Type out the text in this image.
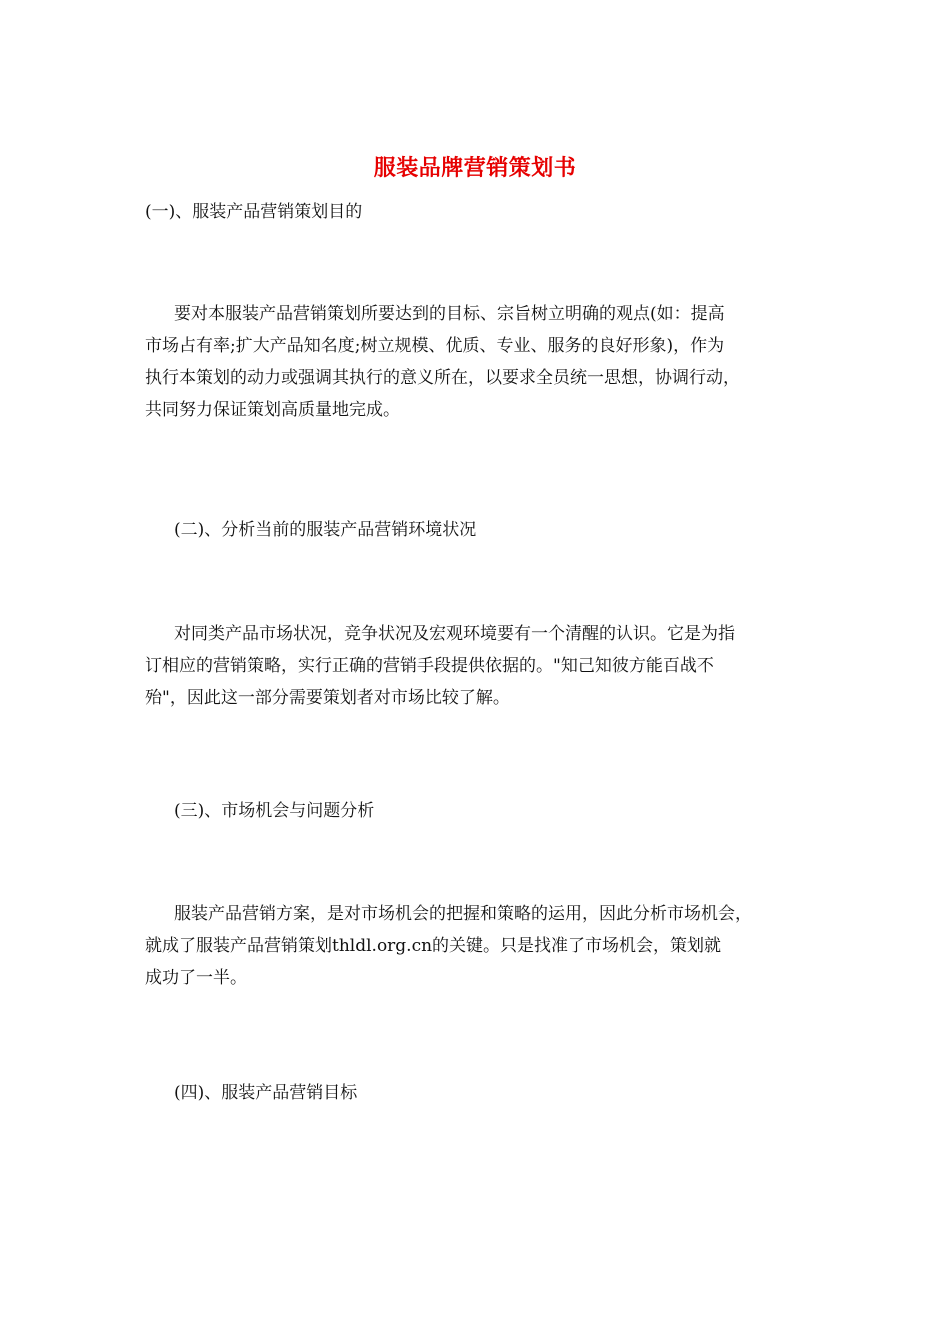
服装品牌营销策划书
(一)、服装产品营销策划目的
要对本服装产品营销策划所要达到的目标、宗旨树立明确的观点(如：提高
市场占有率;扩大产品知名度;树立规模、优质、专业、服务的良好形象)，作为
执行本策划的动力或强调其执行的意义所在，以要求全员统一思想，协调行动，
共同努力保证策划高质量地完成。
(二)、分析当前的服装产品营销环境状况
对同类产品市场状况，竞争状况及宏观环境要有一个清醒的认识。它是为指
订相应的营销策略，实行正确的营销手段提供依据的。"知己知彼方能百战不
殆"，因此这一部分需要策划者对市场比较了解。
(三)、市场机会与问题分析
服装产品营销方案，是对市场机会的把握和策略的运用，因此分析市场机会，
就成了服装产品营销策划thldl.org.cn的关键。只是找准了市场机会，策划就
成功了一半。
(四)、服装产品营销目标
